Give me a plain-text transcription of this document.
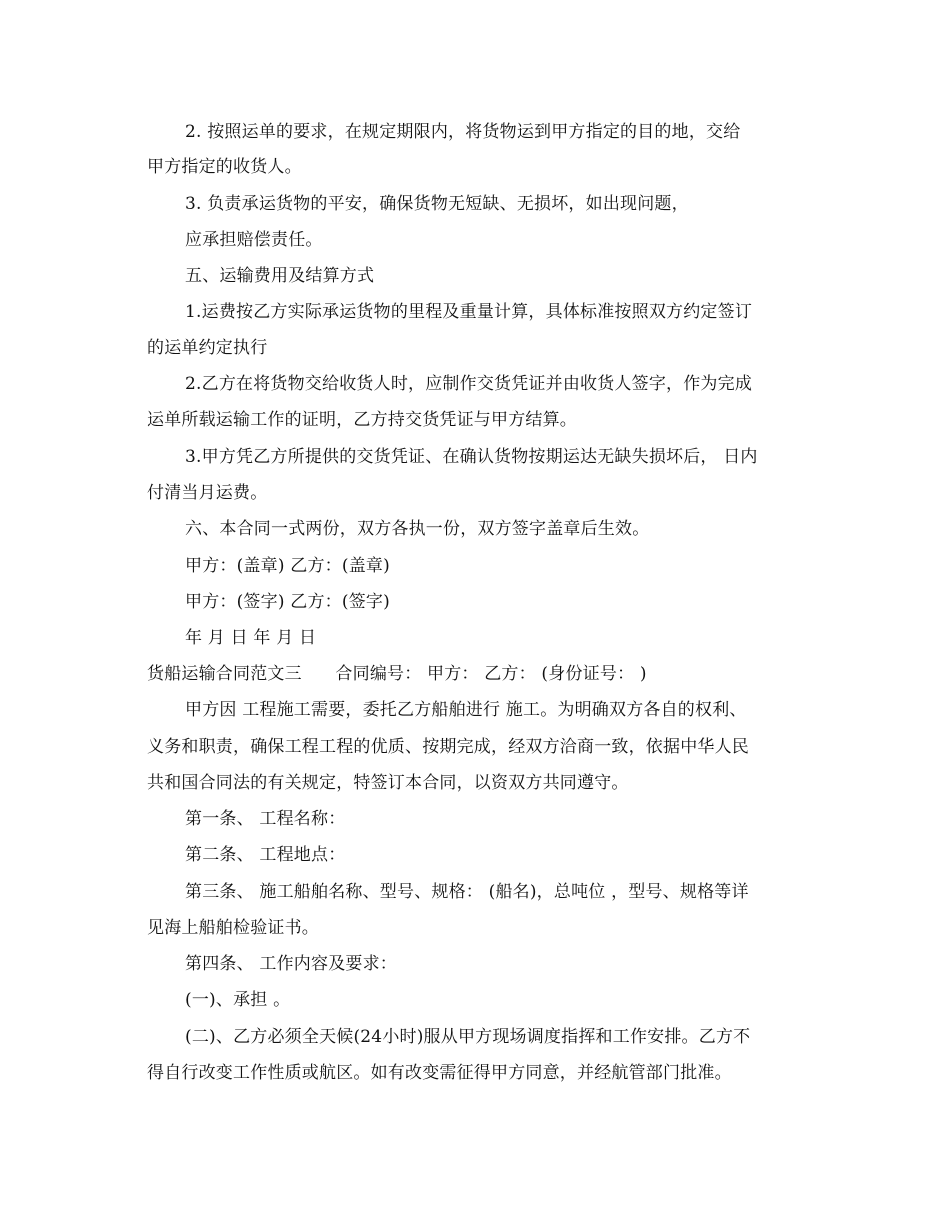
2. 按照运单的要求，在规定期限内，将货物运到甲方指定的目的地，交给
甲方指定的收货人。
3. 负责承运货物的平安，确保货物无短缺、无损坏，如出现问题，
应承担赔偿责任。
五、运输费用及结算方式
1.运费按乙方实际承运货物的里程及重量计算，具体标准按照双方约定签订
的运单约定执行
2.乙方在将货物交给收货人时，应制作交货凭证并由收货人签字，作为完成
运单所载运输工作的证明，乙方持交货凭证与甲方结算。
3.甲方凭乙方所提供的交货凭证、在确认货物按期运达无缺失损坏后， 日内
付清当月运费。
六、本合同一式两份，双方各执一份，双方签字盖章后生效。
甲方：(盖章) 乙方：(盖章)
甲方：(签字) 乙方：(签字)
年 月 日 年 月 日
货船运输合同范文三      合同编号： 甲方： 乙方： (身份证号： )
甲方因 工程施工需要，委托乙方船舶进行 施工。为明确双方各自的权利、
义务和职责，确保工程工程的优质、按期完成，经双方洽商一致，依据中华人民
共和国合同法的有关规定，特签订本合同，以资双方共同遵守。
第一条、 工程名称：
第二条、 工程地点：
第三条、 施工船舶名称、型号、规格： (船名)，总吨位 ，型号、规格等详
见海上船舶检验证书。
第四条、 工作内容及要求：
(一)、承担 。
(二)、乙方必须全天候(24小时)服从甲方现场调度指挥和工作安排。乙方不
得自行改变工作性质或航区。如有改变需征得甲方同意，并经航管部门批准。
